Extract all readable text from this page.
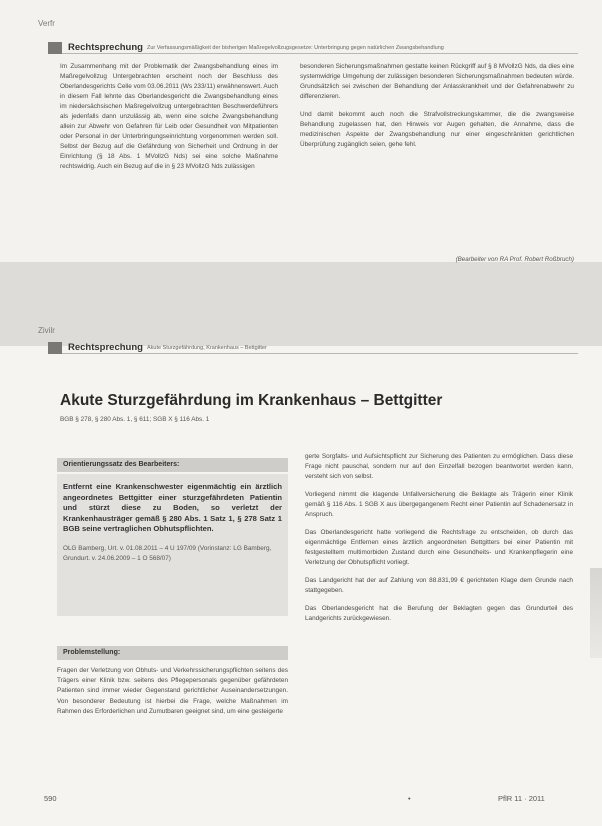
Verfr
Rechtsprechung Zur Verfassungsmäßigkeit der bisherigen Maßregelvollzugsgesetze: Unterbringung gegen natürlichen Zwangsbehandlung

Im Zusammenhang mit der Problematik der Zwangsbehandlung eines im Maßregelvollzug Untergebrachten erscheint noch der Beschluss des Oberlandesgerichts Celle vom 03.06.2011 (Ws 233/11) erwähnenswert. Auch in diesem Fall lehnte das Oberlandesgericht die Zwangsbehandlung eines im niedersächsischen Maßregelvollzug untergebrachten Beschwerdeführers als jedenfalls dann unzulässig ab, wenn eine solche Zwangsbehandlung allein zur Abwehr von Gefahren für Leib oder Gesundheit von Mitpatienten oder Personal in der Unterbringungseinrichtung vorgenommen werden soll. Selbst der Bezug auf die Gefährdung von Sicherheit und Ordnung in der Einrichtung (§ 18 Abs. 1 MVollzG Nds) sei eine solche Maßnahme rechtswidrig. Auch ein Bezug auf die in § 23 MVollzG Nds zulässigen

besonderen Sicherungsmaßnahmen gestatte keinen Rückgriff auf § 8 MVollzG Nds, da dies eine systemwidrige Umgehung der zulässigen besonderen Sicherungsmaßnahmen bedeuten würde. Grundsätzlich sei zwischen der Behandlung der Anlasskrankheit und der Gefahrenabwehr zu differenzieren.

Und damit bekommt auch noch die Strafvollstreckungskammer, die die zwangsweise Behandlung zugelassen hat, den Hinweis vor Augen gehalten, die Annahme, dass die medizinischen Aspekte der Zwangsbehandlung nur einer eingeschränkten gerichtlichen Überprüfung zugänglich seien, gehe fehl.

(Bearbeiter von RA Prof. Robert Roßbruch)
Zivilr
Rechtsprechung Akute Sturzgefährdung, Krankenhaus – Bettgitter
Akute Sturzgefährdung im Krankenhaus – Bettgitter
BGB § 278, § 280 Abs. 1, § 611; SGB X § 116 Abs. 1
Orientierungssatz des Bearbeiters:
Entfernt eine Krankenschwester eigenmächtig ein ärztlich angeordnetes Bettgitter einer sturzgefährdeten Patientin und stürzt diese zu Boden, so verletzt der Krankenhausträger gemäß § 280 Abs. 1 Satz 1, § 278 Satz 1 BGB seine vertraglichen Obhutspflichten.
OLG Bamberg, Urt. v. 01.08.2011 – 4 U 197/09 (Vorinstanz: LG Bamberg, Grundurt. v. 24.06.2009 – 1 O 568/07)
Problemstellung:
Fragen der Verletzung von Obhuts- und Verkehrssicherungspflichten seitens des Trägers einer Klinik bzw. seitens des Pflegepersonals gegenüber gefährdeten Patienten sind immer wieder Gegenstand gerichtlicher Auseinandersetzungen. Von besonderer Bedeutung ist hierbei die Frage, welche Maßnahmen im Rahmen des Erforderlichen und Zumutbaren geeignet sind, um eine gesteigerte

gerte Sorgfalts- und Aufsichtspflicht zur Sicherung des Patienten zu ermöglichen. Dass diese Frage nicht pauschal, sondern nur auf den Einzelfall bezogen beantwortet werden kann, versteht sich von selbst.

Vorliegend nimmt die klagende Unfallversicherung die Beklagte als Trägerin einer Klinik gemäß § 116 Abs. 1 SGB X aus übergegangenem Recht einer Patientin auf Schadenersatz in Anspruch.

Das Oberlandesgericht hatte vorliegend die Rechtsfrage zu entscheiden, ob durch das eigenmächtige Entfernen eines ärztlich angeordneten Bettgitters bei einer Patientin mit festgestelltem multimorbiden Zustand durch eine Gesundheits- und Krankenpflegerin eine Verletzung der Obhutspflicht vorliegt.

Das Landgericht hat der auf Zahlung von 88.831,99 € gerichteten Klage dem Grunde nach stattgegeben.

Das Oberlandesgericht hat die Berufung der Beklagten gegen das Grundurteil des Landgerichts zurückgewiesen.

590	•	PflR 11 · 2011
